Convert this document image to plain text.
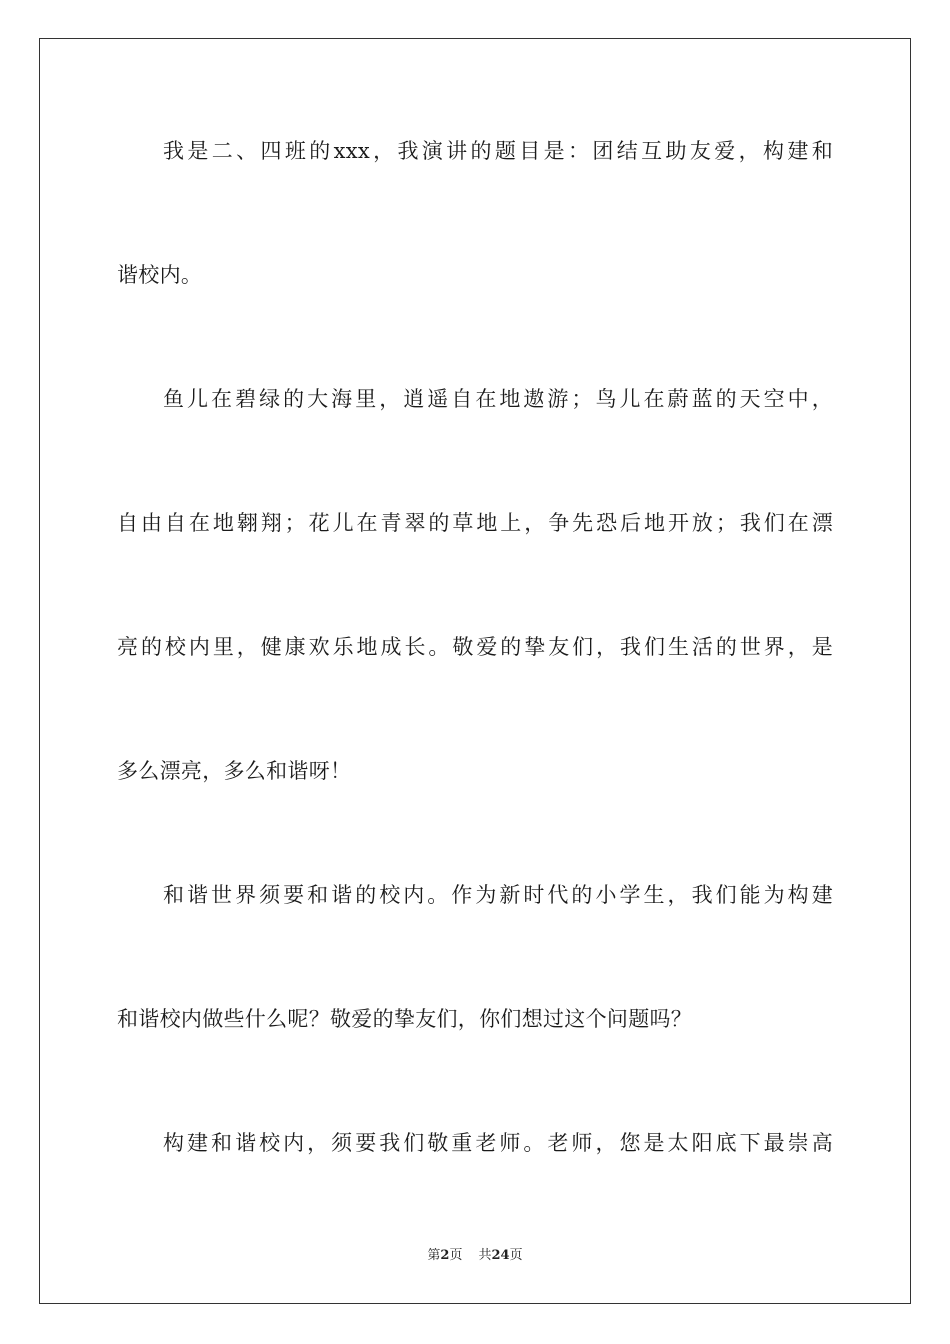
我是二、四班的xxx，我演讲的题目是：团结互助友爱，构建和
谐校内。
鱼儿在碧绿的大海里，逍遥自在地遨游；鸟儿在蔚蓝的天空中，
自由自在地翱翔；花儿在青翠的草地上，争先恐后地开放；我们在漂
亮的校内里，健康欢乐地成长。敬爱的挚友们，我们生活的世界，是
多么漂亮，多么和谐呀！
和谐世界须要和谐的校内。作为新时代的小学生，我们能为构建
和谐校内做些什么呢？敬爱的挚友们，你们想过这个问题吗？
构建和谐校内，须要我们敬重老师。老师，您是太阳底下最崇高
第2页 共24页
